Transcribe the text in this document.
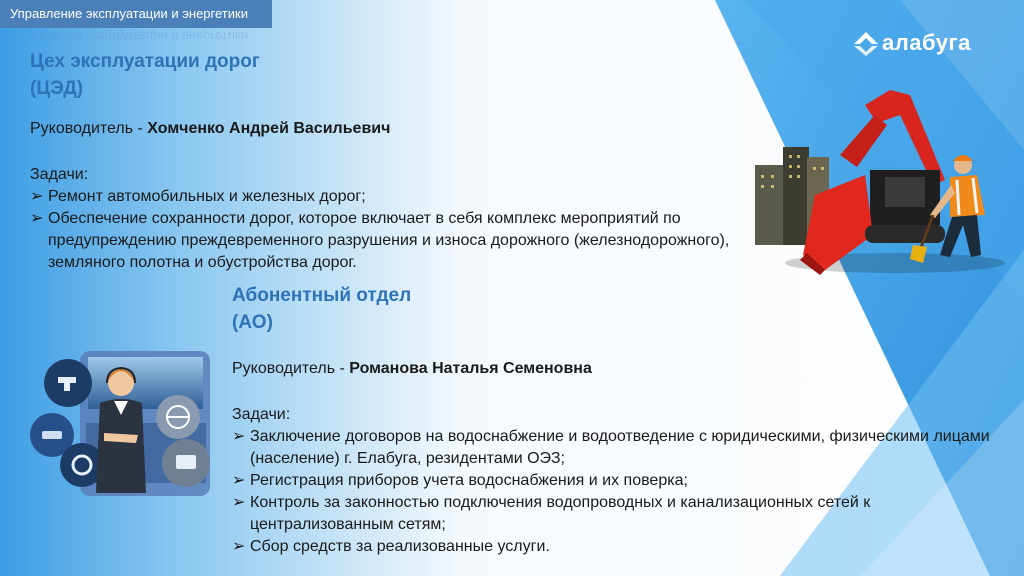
Управление эксплуатации и энергетики
Управление эксплуатации и энергетики	алабуга
Цех эксплуатации дорог
(ЦЭД)
Руководитель - Хомченко Андрей Васильевич
Задачи:
➢ Ремонт автомобильных и железных дорог;
➢ Обеспечение сохранности дорог, которое включает в себя комплекс мероприятий по предупреждению преждевременного разрушения и износа дорожного (железнодорожного), земляного полотна и обустройства дорог.
Абонентный отдел
(АО)
Руководитель - Романова Наталья Семеновна
Задачи:
➢ Заключение договоров на водоснабжение и водоотведение с юридическими, физическими лицами (население) г. Елабуга, резидентами ОЭЗ;
➢ Регистрация приборов учета водоснабжения и их поверка;
➢ Контроль за законностью подключения водопроводных и канализационных сетей к централизованным сетям;
➢ Сбор средств за реализованные услуги.
